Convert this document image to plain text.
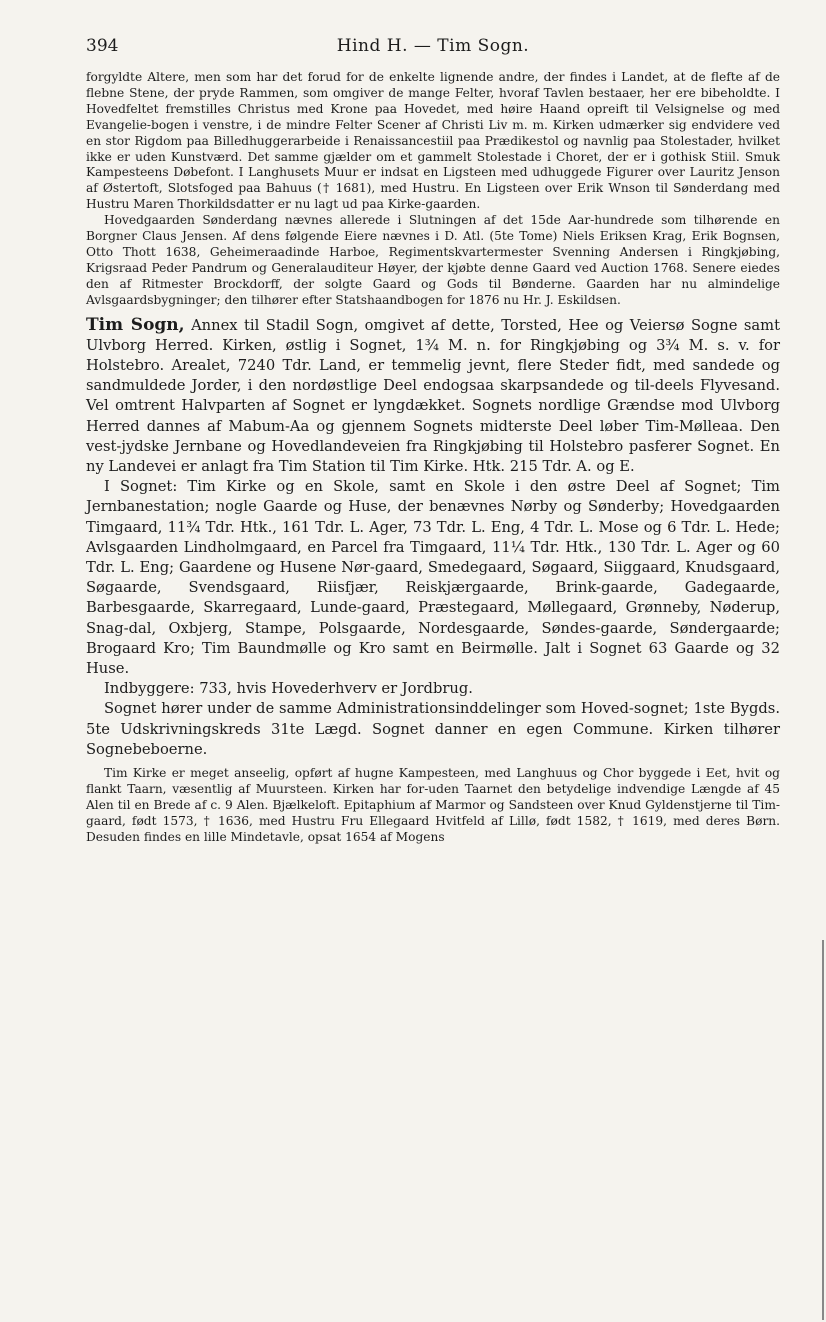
394	Hind H. — Tim Sogn.

forgyldte Altere, men som har det forud for de enkelte lignende andre, der findes i Landet, at de flefte af de flebne Stene, der pryde Rammen, som omgiver de mange Felter, hvoraf Tavlen bestaaer, her ere bibeholdte. I Hovedfeltet fremstilles Christus med Krone paa Hovedet, med høire Haand opreift til Velsignelse og med Evangelie-bogen i venstre, i de mindre Felter Scener af Christi Liv m. m. Kirken udmærker sig endvidere ved en stor Rigdom paa Billedhuggerarbeide i Renaissancestiil paa Prædikestol og navnlig paa Stolestader, hvilket ikke er uden Kunstværd. Det samme gjælder om et gammelt Stolestade i Choret, der er i gothisk Stiil. Smuk Kampesteens Døbefont. I Langhusets Muur er indsat en Ligsteen med udhuggede Figurer over Lauritz Jenson af Østertoft, Slotsfoged paa Bahuus († 1681), med Hustru. En Ligsteen over Erik Wnson til Sønderdang med Hustru Maren Thorkildsdatter er nu lagt ud paa Kirke-gaarden.

Hovedgaarden Sønderdang nævnes allerede i Slutningen af det 15de Aar-hundrede som tilhørende en Borgner Claus Jensen. Af dens følgende Eiere nævnes i D. Atl. (5te Tome) Niels Eriksen Krag, Erik Bognsen, Otto Thott 1638, Geheimeraadinde Harboe, Regimentskvartermester Svenning Andersen i Ringkjøbing, Krigsraad Peder Pandrum og Generalauditeur Høyer, der kjøbte denne Gaard ved Auction 1768. Senere eiedes den af Ritmester Brockdorff, der solgte Gaard og Gods til Bønderne. Gaarden har nu almindelige Avlsgaardsbygninger; den tilhører efter Statshaandbogen for 1876 nu Hr. J. Eskildsen.

Tim Sogn, Annex til Stadil Sogn, omgivet af dette, Torsted, Hee og Veiersø Sogne samt Ulvborg Herred. Kirken, østlig i Sognet, 1¾ M. n. for Ringkjøbing og 3¾ M. s. v. for Holstebro. Arealet, 7240 Tdr. Land, er temmelig jevnt, flere Steder fidt, med sandede og sandmuldede Jorder, i den nordøstlige Deel endogsaa skarpsandede og til-deels Flyvesand. Vel omtrent Halvparten af Sognet er lyngdækket. Sognets nordlige Grændse mod Ulvborg Herred dannes af Mabum-Aa og gjennem Sognets midterste Deel løber Tim-Mølleaa. Den vest-jydske Jernbane og Hovedlandeveien fra Ringkjøbing til Holstebro pasferer Sognet. En ny Landevei er anlagt fra Tim Station til Tim Kirke. Htk. 215 Tdr. A. og E.

I Sognet: Tim Kirke og en Skole, samt en Skole i den østre Deel af Sognet; Tim Jernbanestation; nogle Gaarde og Huse, der benævnes Nørby og Sønderby; Hovedgaarden Timgaard, 11¾ Tdr. Htk., 161 Tdr. L. Ager, 73 Tdr. L. Eng, 4 Tdr. L. Mose og 6 Tdr. L. Hede; Avlsgaarden Lindholmgaard, en Parcel fra Timgaard, 11¼ Tdr. Htk., 130 Tdr. L. Ager og 60 Tdr. L. Eng; Gaardene og Husene Nør-gaard, Smedegaard, Søgaard, Siiggaard, Knudsgaard, Søgaarde, Svendsgaard, Riisfjær, Reiskjærgaarde, Brink-gaarde, Gadegaarde, Barbesgaarde, Skarregaard, Lunde-gaard, Præstegaard, Møllegaard, Grønneby, Nøderup, Snag-dal, Oxbjerg, Stampe, Polsgaarde, Nordesgaarde, Søndes-gaarde, Søndergaarde; Brogaard Kro; Tim Baundmølle og Kro samt en Beirmølle. Jalt i Sognet 63 Gaarde og 32 Huse.

Indbyggere: 733, hvis Hovederhverv er Jordbrug.

Sognet hører under de samme Administrationsinddelinger som Hoved-sognet; 1ste Bygds. 5te Udskrivningskreds 31te Lægd. Sognet danner en egen Commune. Kirken tilhører Sognebeboerne.

Tim Kirke er meget anseelig, opført af hugne Kampesteen, med Langhuus og Chor byggede i Eet, hvit og flankt Taarn, væsentlig af Muursteen. Kirken har for-uden Taarnet den betydelige indvendige Længde af 45 Alen til en Brede af c. 9 Alen. Bjælkeloft. Epitaphium af Marmor og Sandsteen over Knud Gyldenstjerne til Tim-gaard, født 1573, † 1636, med Hustru Fru Ellegaard Hvitfeld af Lillø, født 1582, † 1619, med deres Børn. Desuden findes en lille Mindetavle, opsat 1654 af Mogens
